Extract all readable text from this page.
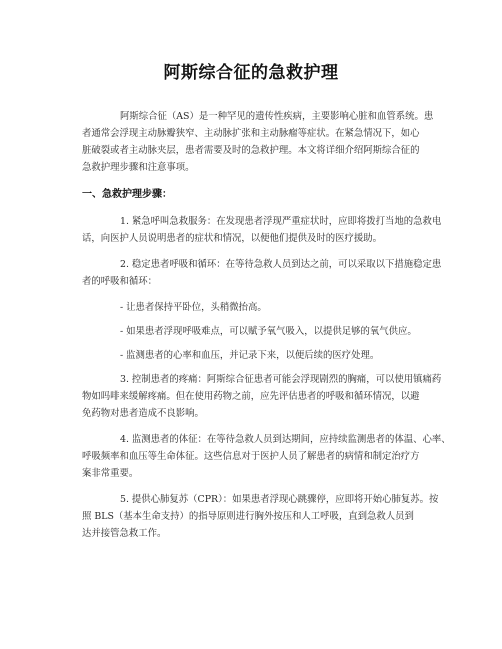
阿斯综合征的急救护理

阿斯综合征（AS）是一种罕见的遗传性疾病，主要影响心脏和血管系统。患
者通常会浮现主动脉瓣狭窄、主动脉扩张和主动脉瘤等症状。在紧急情况下，如心
脏破裂或者主动脉夹层，患者需要及时的急救护理。本文将详细介绍阿斯综合征的
急救护理步骤和注意事项。

一、急救护理步骤：

1. 紧急呼叫急救服务：在发现患者浮现严重症状时，应即将拨打当地的急救电
话，向医护人员说明患者的症状和情况，以便他们提供及时的医疗援助。

2. 稳定患者呼吸和循环：在等待急救人员到达之前，可以采取以下措施稳定患
者的呼吸和循环：

- 让患者保持平卧位，头稍微抬高。

- 如果患者浮现呼吸难点，可以赋予氧气吸入，以提供足够的氧气供应。

- 监测患者的心率和血压，并记录下来，以便后续的医疗处理。

3. 控制患者的疼痛：阿斯综合征患者可能会浮现剧烈的胸痛，可以使用镇痛药
物如吗啡来缓解疼痛。但在使用药物之前，应先评估患者的呼吸和循环情况，以避
免药物对患者造成不良影响。

4. 监测患者的体征：在等待急救人员到达期间，应持续监测患者的体温、心率、
呼吸频率和血压等生命体征。这些信息对于医护人员了解患者的病情和制定治疗方
案非常重要。

5. 提供心肺复苏（CPR）：如果患者浮现心跳骤停，应即将开始心肺复苏。按
照 BLS（基本生命支持）的指导原则进行胸外按压和人工呼吸，直到急救人员到
达并接管急救工作。
